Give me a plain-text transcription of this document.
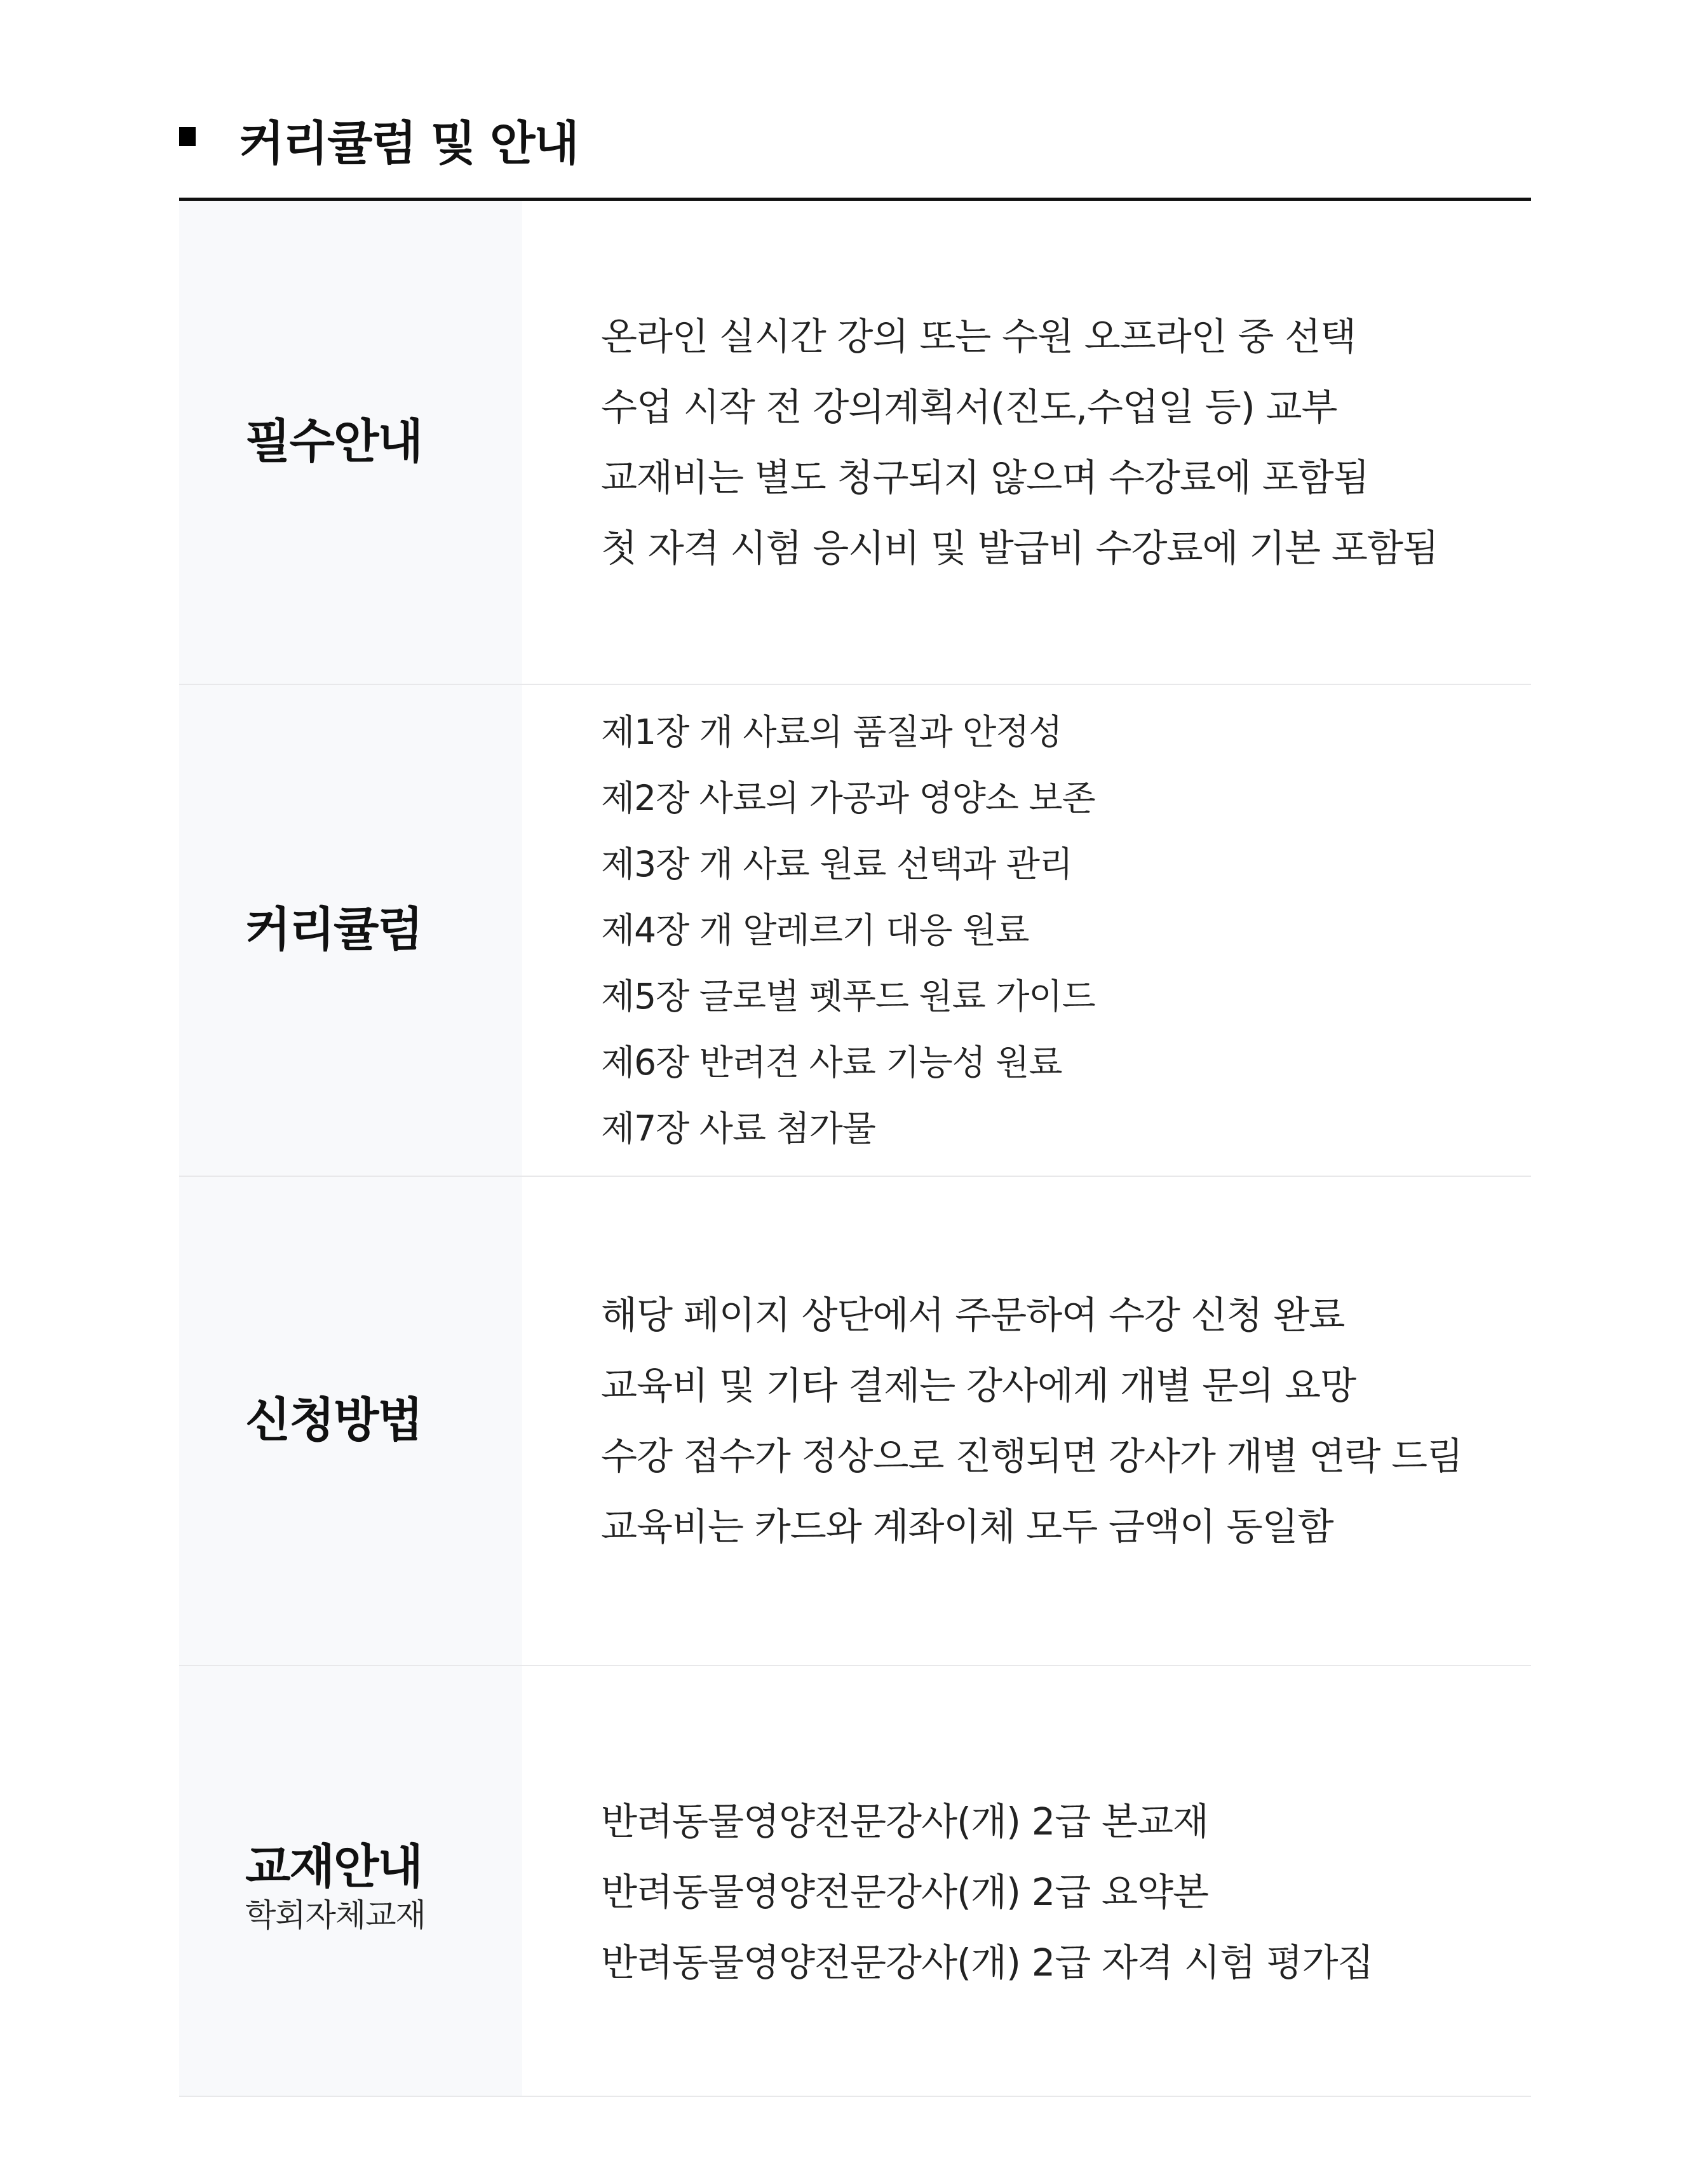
커리큘럼 및 안내
필수안내
온라인 실시간 강의 또는 수원 오프라인 중 선택
수업 시작 전 강의계획서(진도,수업일 등) 교부
교재비는 별도 청구되지 않으며 수강료에 포함됨
첫 자격 시험 응시비 및 발급비 수강료에 기본 포함됨
커리큘럼
제1장 개 사료의 품질과 안정성
제2장 사료의 가공과 영양소 보존
제3장 개 사료 원료 선택과 관리
제4장 개 알레르기 대응 원료
제5장 글로벌 펫푸드 원료 가이드
제6장 반려견 사료 기능성 원료
제7장 사료 첨가물
신청방법
해당 페이지 상단에서 주문하여 수강 신청 완료
교육비 및 기타 결제는 강사에게 개별 문의 요망
수강 접수가 정상으로 진행되면 강사가 개별 연락 드림
교육비는 카드와 계좌이체 모두 금액이 동일함
교재안내
학회자체교재
반려동물영양전문강사(개) 2급 본교재
반려동물영양전문강사(개) 2급 요약본
반려동물영양전문강사(개) 2급 자격 시험 평가집
